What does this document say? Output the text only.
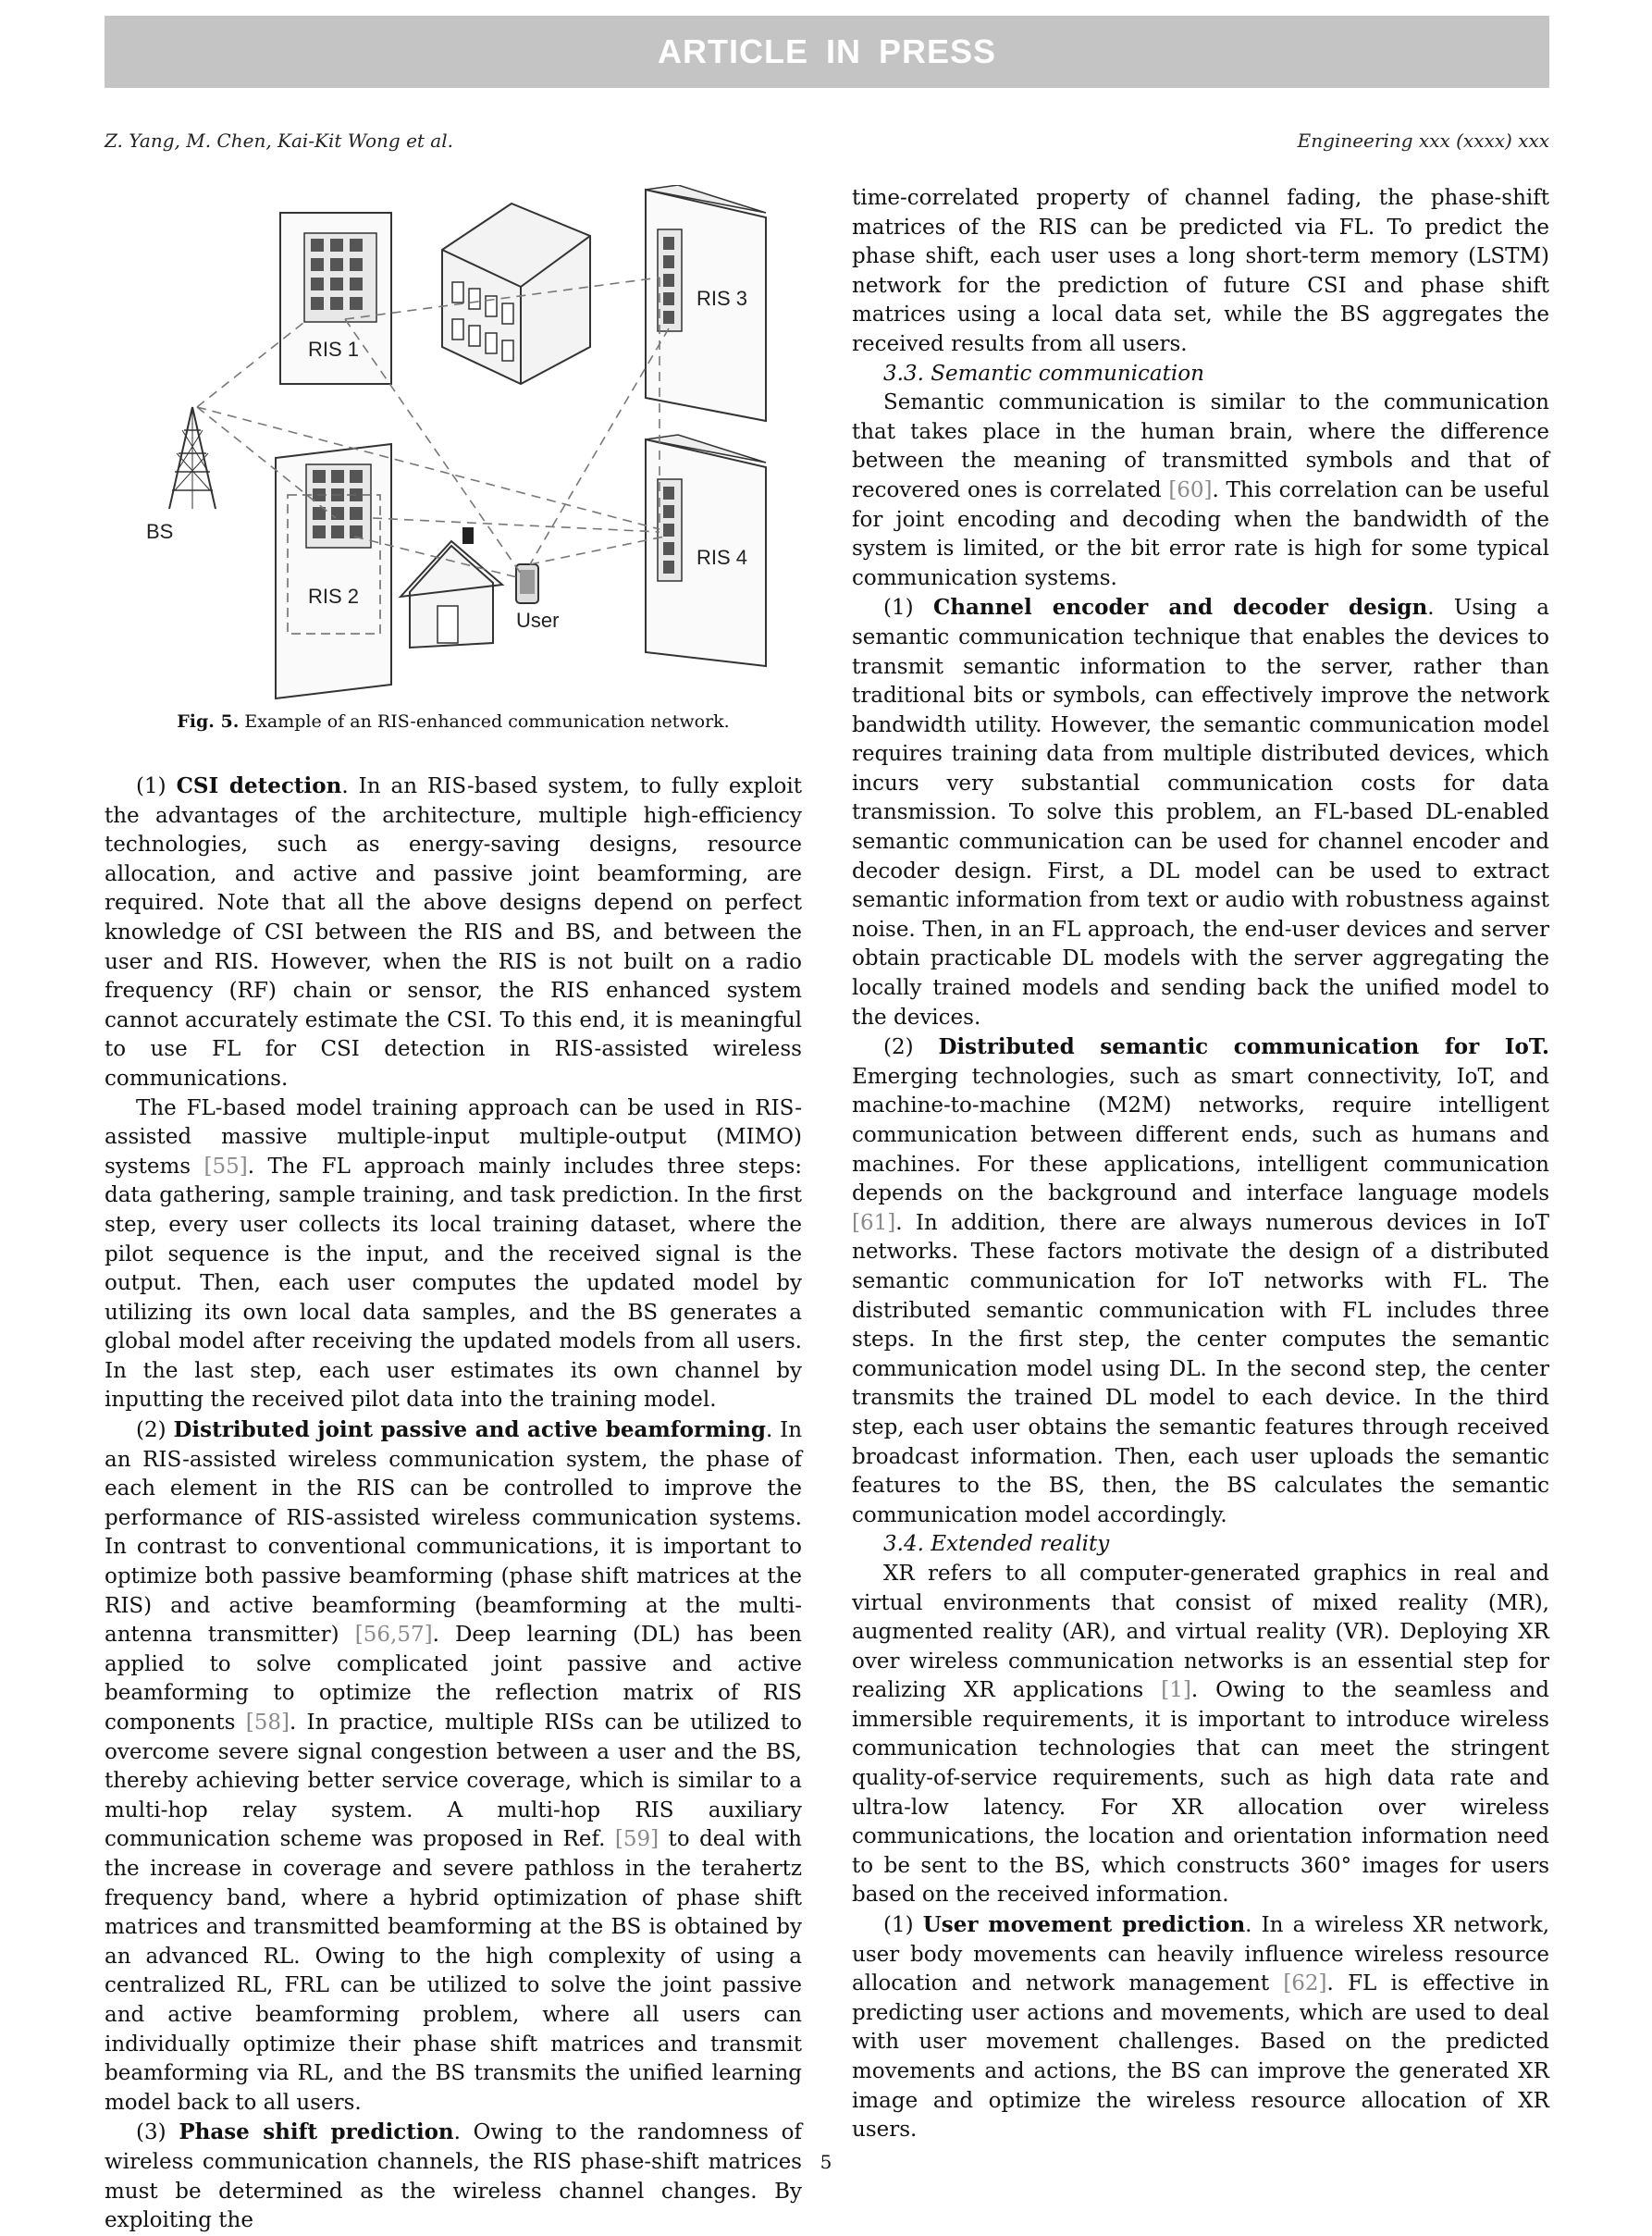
ARTICLE IN PRESS
Z. Yang, M. Chen, Kai-Kit Wong et al.	Engineering xxx (xxxx) xxx
RIS 1
RIS 3
BS
RIS 2
User
RIS 4
Fig. 5. Example of an RIS-enhanced communication network.

(1) CSI detection. In an RIS-based system, to fully exploit the advantages of the architecture, multiple high-efficiency technologies, such as energy-saving designs, resource allocation, and active and passive joint beamforming, are required. Note that all the above designs depend on perfect knowledge of CSI between the RIS and BS, and between the user and RIS. However, when the RIS is not built on a radio frequency (RF) chain or sensor, the RIS enhanced system cannot accurately estimate the CSI. To this end, it is meaningful to use FL for CSI detection in RIS-assisted wireless communications.

The FL-based model training approach can be used in RIS-assisted massive multiple-input multiple-output (MIMO) systems [55]. The FL approach mainly includes three steps: data gathering, sample training, and task prediction. In the first step, every user collects its local training dataset, where the pilot sequence is the input, and the received signal is the output. Then, each user computes the updated model by utilizing its own local data samples, and the BS generates a global model after receiving the updated models from all users. In the last step, each user estimates its own channel by inputting the received pilot data into the training model.

(2) Distributed joint passive and active beamforming. In an RIS-assisted wireless communication system, the phase of each element in the RIS can be controlled to improve the performance of RIS-assisted wireless communication systems. In contrast to conventional communications, it is important to optimize both passive beamforming (phase shift matrices at the RIS) and active beamforming (beamforming at the multi-antenna transmitter) [56,57]. Deep learning (DL) has been applied to solve complicated joint passive and active beamforming to optimize the reflection matrix of RIS components [58]. In practice, multiple RISs can be utilized to overcome severe signal congestion between a user and the BS, thereby achieving better service coverage, which is similar to a multi-hop relay system. A multi-hop RIS auxiliary communication scheme was proposed in Ref. [59] to deal with the increase in coverage and severe pathloss in the terahertz frequency band, where a hybrid optimization of phase shift matrices and transmitted beamforming at the BS is obtained by an advanced RL. Owing to the high complexity of using a centralized RL, FRL can be utilized to solve the joint passive and active beamforming problem, where all users can individually optimize their phase shift matrices and transmit beamforming via RL, and the BS transmits the unified learning model back to all users.

(3) Phase shift prediction. Owing to the randomness of wireless communication channels, the RIS phase-shift matrices must be determined as the wireless channel changes. By exploiting the

time-correlated property of channel fading, the phase-shift matrices of the RIS can be predicted via FL. To predict the phase shift, each user uses a long short-term memory (LSTM) network for the prediction of future CSI and phase shift matrices using a local data set, while the BS aggregates the received results from all users.

3.3. Semantic communication

Semantic communication is similar to the communication that takes place in the human brain, where the difference between the meaning of transmitted symbols and that of recovered ones is correlated [60]. This correlation can be useful for joint encoding and decoding when the bandwidth of the system is limited, or the bit error rate is high for some typical communication systems.

(1) Channel encoder and decoder design. Using a semantic communication technique that enables the devices to transmit semantic information to the server, rather than traditional bits or symbols, can effectively improve the network bandwidth utility. However, the semantic communication model requires training data from multiple distributed devices, which incurs very substantial communication costs for data transmission. To solve this problem, an FL-based DL-enabled semantic communication can be used for channel encoder and decoder design. First, a DL model can be used to extract semantic information from text or audio with robustness against noise. Then, in an FL approach, the end-user devices and server obtain practicable DL models with the server aggregating the locally trained models and sending back the unified model to the devices.

(2) Distributed semantic communication for IoT. Emerging technologies, such as smart connectivity, IoT, and machine-to-machine (M2M) networks, require intelligent communication between different ends, such as humans and machines. For these applications, intelligent communication depends on the background and interface language models [61]. In addition, there are always numerous devices in IoT networks. These factors motivate the design of a distributed semantic communication for IoT networks with FL. The distributed semantic communication with FL includes three steps. In the first step, the center computes the semantic communication model using DL. In the second step, the center transmits the trained DL model to each device. In the third step, each user obtains the semantic features through received broadcast information. Then, each user uploads the semantic features to the BS, then, the BS calculates the semantic communication model accordingly.

3.4. Extended reality

XR refers to all computer-generated graphics in real and virtual environments that consist of mixed reality (MR), augmented reality (AR), and virtual reality (VR). Deploying XR over wireless communication networks is an essential step for realizing XR applications [1]. Owing to the seamless and immersible requirements, it is important to introduce wireless communication technologies that can meet the stringent quality-of-service requirements, such as high data rate and ultra-low latency. For XR allocation over wireless communications, the location and orientation information need to be sent to the BS, which constructs 360° images for users based on the received information.

(1) User movement prediction. In a wireless XR network, user body movements can heavily influence wireless resource allocation and network management [62]. FL is effective in predicting user actions and movements, which are used to deal with user movement challenges. Based on the predicted movements and actions, the BS can improve the generated XR image and optimize the wireless resource allocation of XR users.

5
